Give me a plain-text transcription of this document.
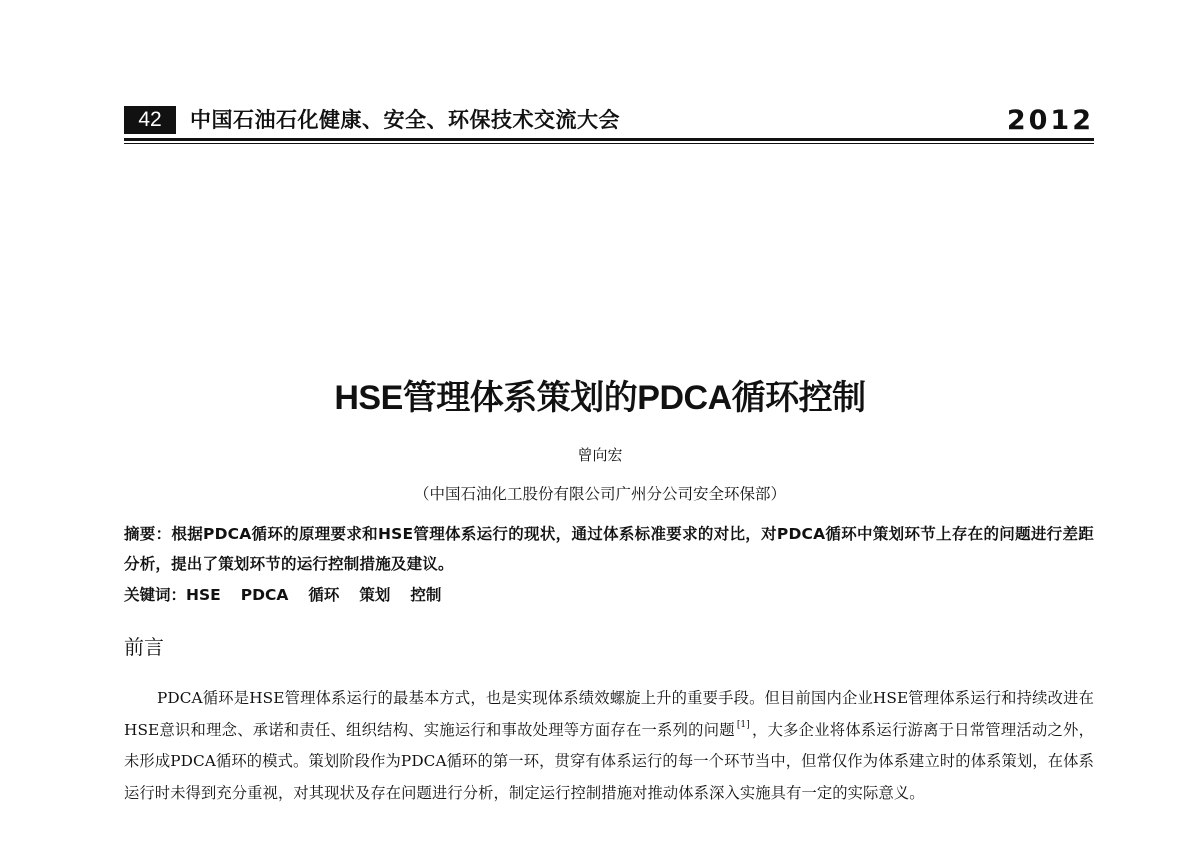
42	中国石油石化健康、安全、环保技术交流大会	2012
HSE管理体系策划的PDCA循环控制
曾向宏
（中国石油化工股份有限公司广州分公司安全环保部）
摘要：根据PDCA循环的原理要求和HSE管理体系运行的现状，通过体系标准要求的对比，对PDCA循环中策划环节上存在的问题进行差距分析，提出了策划环节的运行控制措施及建议。
关键词：HSE PDCA 循环 策划 控制
前言

PDCA循环是HSE管理体系运行的最基本方式，也是实现体系绩效螺旋上升的重要手段。但目前国内企业HSE管理体系运行和持续改进在HSE意识和理念、承诺和责任、组织结构、实施运行和事故处理等方面存在一系列的问题 [1] ，大多企业将体系运行游离于日常管理活动之外，未形成PDCA循环的模式。策划阶段作为PDCA循环的第一环，贯穿有体系运行的每一个环节当中，但常仅作为体系建立时的体系策划，在体系运行时未得到充分重视，对其现状及存在问题进行分析，制定运行控制措施对推动体系深入实施具有一定的实际意义。
